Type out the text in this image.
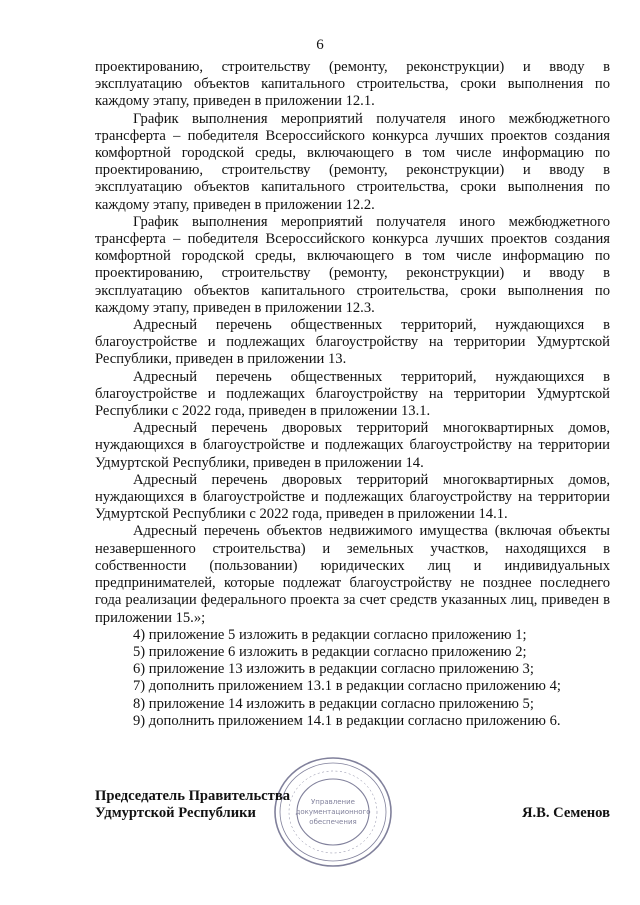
6

проектированию, строительству (ремонту, реконструкции) и вводу в эксплуатацию объектов капитального строительства, сроки выполнения по каждому этапу, приведен в приложении 12.1.

График выполнения мероприятий получателя иного межбюджетного трансферта – победителя Всероссийского конкурса лучших проектов создания комфортной городской среды, включающего в том числе информацию по проектированию, строительству (ремонту, реконструкции) и вводу в эксплуатацию объектов капитального строительства, сроки выполнения по каждому этапу, приведен в приложении 12.2.

График выполнения мероприятий получателя иного межбюджетного трансферта – победителя Всероссийского конкурса лучших проектов создания комфортной городской среды, включающего в том числе информацию по проектированию, строительству (ремонту, реконструкции) и вводу в эксплуатацию объектов капитального строительства, сроки выполнения по каждому этапу, приведен в приложении 12.3.

Адресный перечень общественных территорий, нуждающихся в благоустройстве и подлежащих благоустройству на территории Удмуртской Республики, приведен в приложении 13.

Адресный перечень общественных территорий, нуждающихся в благоустройстве и подлежащих благоустройству на территории Удмуртской Республики с 2022 года, приведен в приложении 13.1.

Адресный перечень дворовых территорий многоквартирных домов, нуждающихся в благоустройстве и подлежащих благоустройству на территории Удмуртской Республики, приведен в приложении 14.

Адресный перечень дворовых территорий многоквартирных домов, нуждающихся в благоустройстве и подлежащих благоустройству на территории Удмуртской Республики с 2022 года, приведен в приложении 14.1.

Адресный перечень объектов недвижимого имущества (включая объекты незавершенного строительства) и земельных участков, находящихся в собственности (пользовании) юридических лиц и индивидуальных предпринимателей, которые подлежат благоустройству не позднее последнего года реализации федерального проекта за счет средств указанных лиц, приведен в приложении 15.»;

4) приложение 5 изложить в редакции согласно приложению 1;

5) приложение 6 изложить в редакции согласно приложению 2;

6) приложение 13 изложить в редакции согласно приложению 3;

7) дополнить приложением 13.1 в редакции согласно приложению 4;

8) приложение 14 изложить в редакции согласно приложению 5;

9) дополнить приложением 14.1 в редакции согласно приложению 6.

Управление
документационного
обеспечения
Председатель Правительства
Удмуртской Республики	Я.В. Семенов
